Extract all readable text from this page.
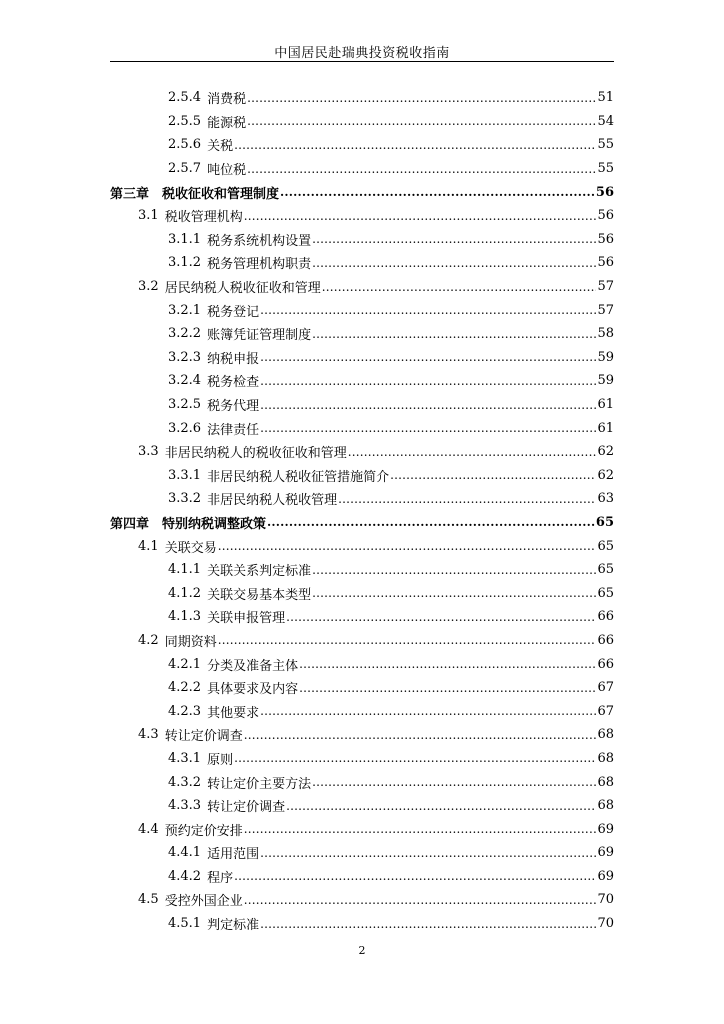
中国居民赴瑞典投资税收指南
2.5.4 消费税 .....	51
2.5.5 能源税 .....	54
2.5.6 关税 .....	55
2.5.7 吨位税 .....	55
第三章 税收征收和管理制度 .....	56
3.1 税收管理机构 .....	56
3.1.1 税务系统机构设置 .....	56
3.1.2 税务管理机构职责 .....	56
3.2 居民纳税人税收征收和管理 .....	57
3.2.1 税务登记 .....	57
3.2.2 账簿凭证管理制度 .....	58
3.2.3 纳税申报 .....	59
3.2.4 税务检查 .....	59
3.2.5 税务代理 .....	61
3.2.6 法律责任 .....	61
3.3 非居民纳税人的税收征收和管理 .....	62
3.3.1 非居民纳税人税收征管措施简介 .....	62
3.3.2 非居民纳税人税收管理 .....	63
第四章 特别纳税调整政策 .....	65
4.1 关联交易 .....	65
4.1.1 关联关系判定标准 .....	65
4.1.2 关联交易基本类型 .....	65
4.1.3 关联申报管理 .....	66
4.2 同期资料 .....	66
4.2.1 分类及准备主体 .....	66
4.2.2 具体要求及内容 .....	67
4.2.3 其他要求 .....	67
4.3 转让定价调查 .....	68
4.3.1 原则 .....	68
4.3.2 转让定价主要方法 .....	68
4.3.3 转让定价调查 .....	68
4.4 预约定价安排 .....	69
4.4.1 适用范围 .....	69
4.4.2 程序 .....	69
4.5 受控外国企业 .....	70
4.5.1 判定标准 .....	70
2
